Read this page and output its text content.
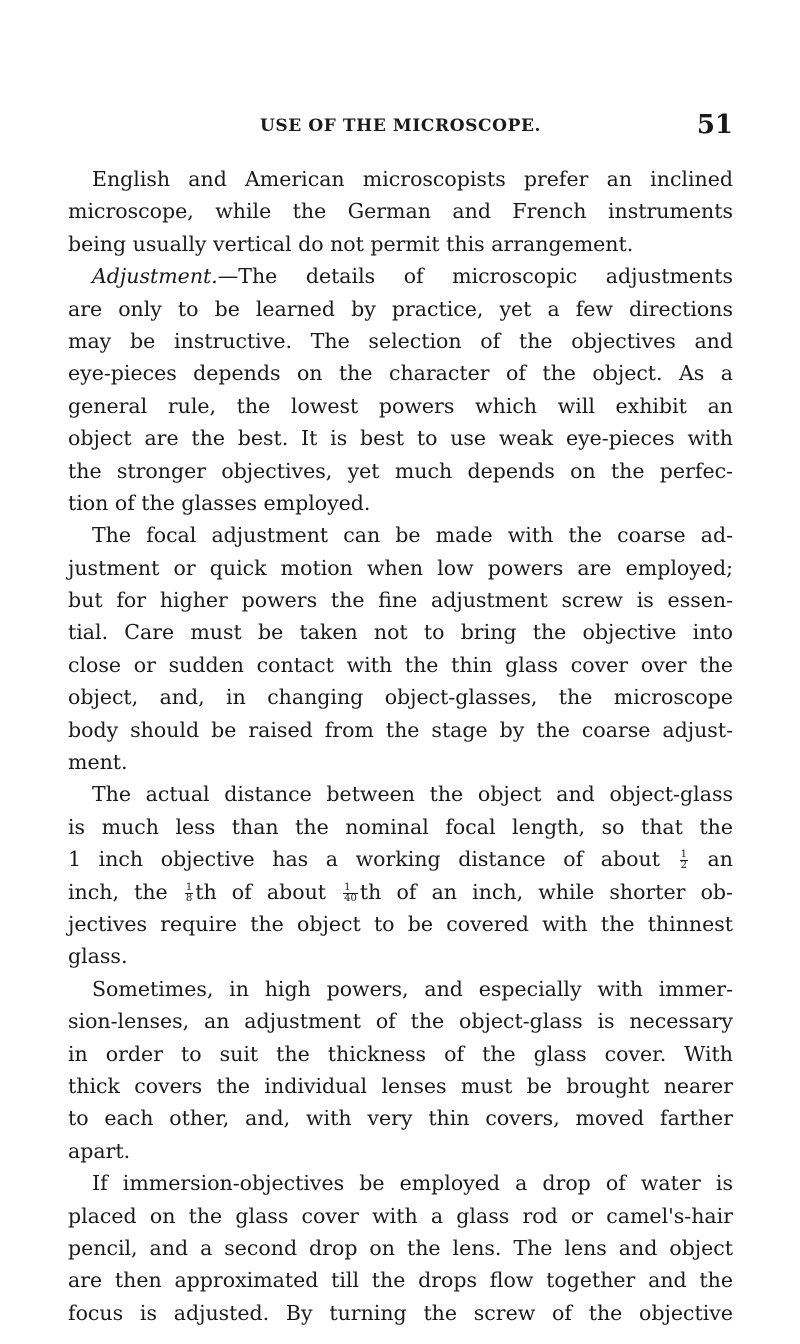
USE OF THE MICROSCOPE.	51
English and American microscopists prefer an inclined
microscope, while the German and French instruments
being usually vertical do not permit this arrangement.
Adjustment.—The details of microscopic adjustments
are only to be learned by practice, yet a few directions
may be instructive. The selection of the objectives and
eye-pieces depends on the character of the object. As a
general rule, the lowest powers which will exhibit an
object are the best. It is best to use weak eye-pieces with
the stronger objectives, yet much depends on the perfec-
tion of the glasses employed.
The focal adjustment can be made with the coarse ad-
justment or quick motion when low powers are employed;
but for higher powers the fine adjustment screw is essen-
tial. Care must be taken not to bring the objective into
close or sudden contact with the thin glass cover over the
object, and, in changing object-glasses, the microscope
body should be raised from the stage by the coarse adjust-
ment.
The actual distance between the object and object-glass
is much less than the nominal focal length, so that the
1 inch objective has a working distance of about $\frac{1}{2}$ an
inch, the $\frac{1}{8}$ th of about $\frac{1}{40}$ th of an inch, while shorter ob-
jectives require the object to be covered with the thinnest
glass.
Sometimes, in high powers, and especially with immer-
sion-lenses, an adjustment of the object-glass is necessary
in order to suit the thickness of the glass cover. With
thick covers the individual lenses must be brought nearer
to each other, and, with very thin covers, moved farther
apart.
If immersion-objectives be employed a drop of water is
placed on the glass cover with a glass rod or camel's-hair
pencil, and a second drop on the lens. The lens and object
are then approximated till the drops flow together and the
focus is adjusted. By turning the screw of the objective
